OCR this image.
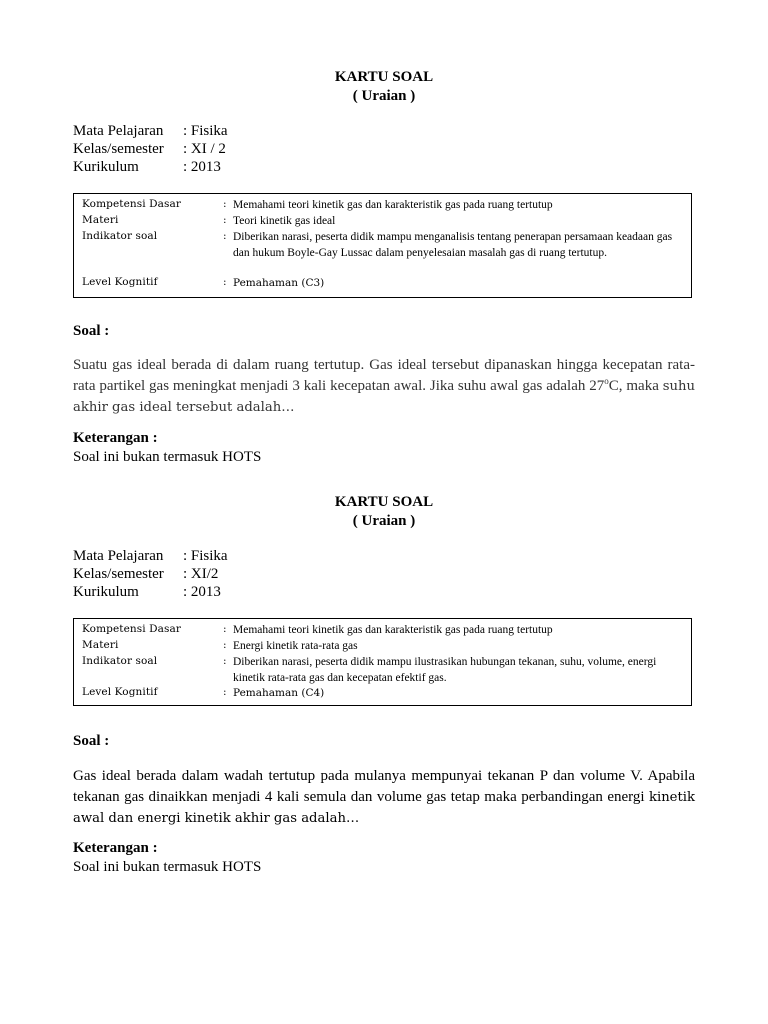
KARTU SOAL
( Uraian )
Mata Pelajaran : Fisika
Kelas/semester : XI / 2
Kurikulum	: 2013
Kompetensi Dasar	: Memahami teori kinetik gas dan karakteristik gas pada ruang tertutup
Materi	: Teori kinetik gas ideal
Indikator soal	: Diberikan narasi, peserta didik mampu menganalisis tentang penerapan persamaan keadaan gas dan hukum Boyle-Gay Lussac dalam penyelesaian masalah gas di ruang tertutup.
Level Kognitif	: Pemahaman (C3)
Soal :
Suatu gas ideal berada di dalam ruang tertutup. Gas ideal tersebut dipanaskan hingga kecepatan rata-rata partikel gas meningkat menjadi 3 kali kecepatan awal. Jika suhu awal gas adalah 27$^o$C, maka suhu akhir gas ideal tersebut adalah…
Keterangan :
Soal ini bukan termasuk HOTS
KARTU SOAL
( Uraian )
Mata Pelajaran : Fisika
Kelas/semester : XI/2
Kurikulum	: 2013
Kompetensi Dasar	: Memahami teori kinetik gas dan karakteristik gas pada ruang tertutup
Materi	: Energi kinetik rata-rata gas
Indikator soal	: Diberikan narasi, peserta didik mampu ilustrasikan hubungan tekanan, suhu, volume, energi kinetik rata-rata gas dan kecepatan efektif gas.
Level Kognitif	: Pemahaman (C4)
Soal :
Gas ideal berada dalam wadah tertutup pada mulanya mempunyai tekanan P dan volume V. Apabila tekanan gas dinaikkan menjadi 4 kali semula dan volume gas tetap maka perbandingan energi kinetik awal dan energi kinetik akhir gas adalah…
Keterangan :
Soal ini bukan termasuk HOTS
